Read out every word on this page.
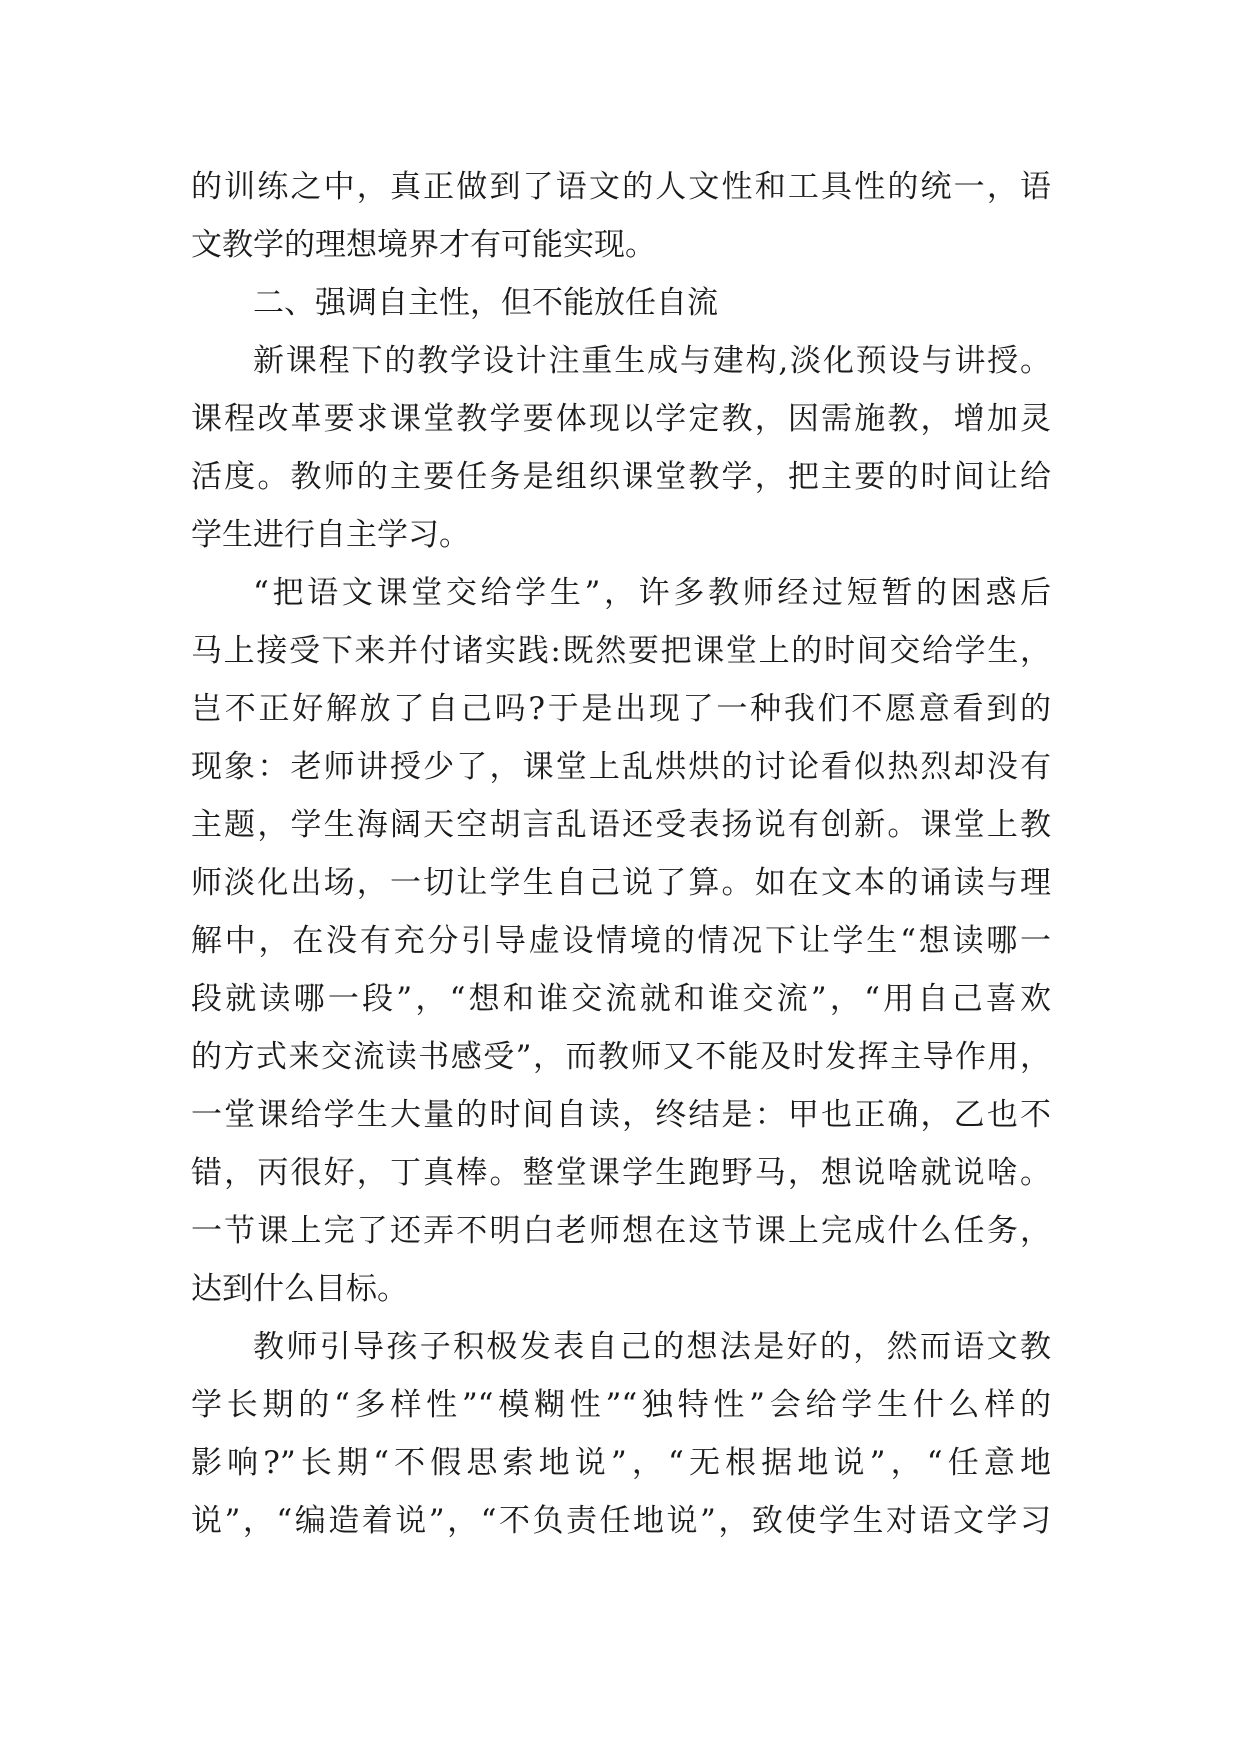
的训练之中，真正做到了语文的人文性和工具性的统一，语
文教学的理想境界才有可能实现。
二、强调自主性，但不能放任自流
新课程下的教学设计注重生成与建构,淡化预设与讲授。
课程改革要求课堂教学要体现以学定教，因需施教，增加灵
活度。教师的主要任务是组织课堂教学，把主要的时间让给
学生进行自主学习。
“把语文课堂交给学生”，许多教师经过短暂的困惑后
马上接受下来并付诸实践:既然要把课堂上的时间交给学生，
岂不正好解放了自己吗?于是出现了一种我们不愿意看到的
现象：老师讲授少了，课堂上乱烘烘的讨论看似热烈却没有
主题，学生海阔天空胡言乱语还受表扬说有创新。课堂上教
师淡化出场，一切让学生自己说了算。如在文本的诵读与理
解中，在没有充分引导虚设情境的情况下让学生“想读哪一
段就读哪一段”，“想和谁交流就和谁交流”，“用自己喜欢
的方式来交流读书感受”，而教师又不能及时发挥主导作用，
一堂课给学生大量的时间自读，终结是：甲也正确，乙也不
错，丙很好，丁真棒。整堂课学生跑野马，想说啥就说啥。
一节课上完了还弄不明白老师想在这节课上完成什么任务，
达到什么目标。
教师引导孩子积极发表自己的想法是好的，然而语文教
学长期的“多样性”“模糊性”“独特性”会给学生什么样的
影响?”长期“不假思索地说”，“无根据地说”，“任意地
说”，“编造着说”，“不负责任地说”，致使学生对语文学习
